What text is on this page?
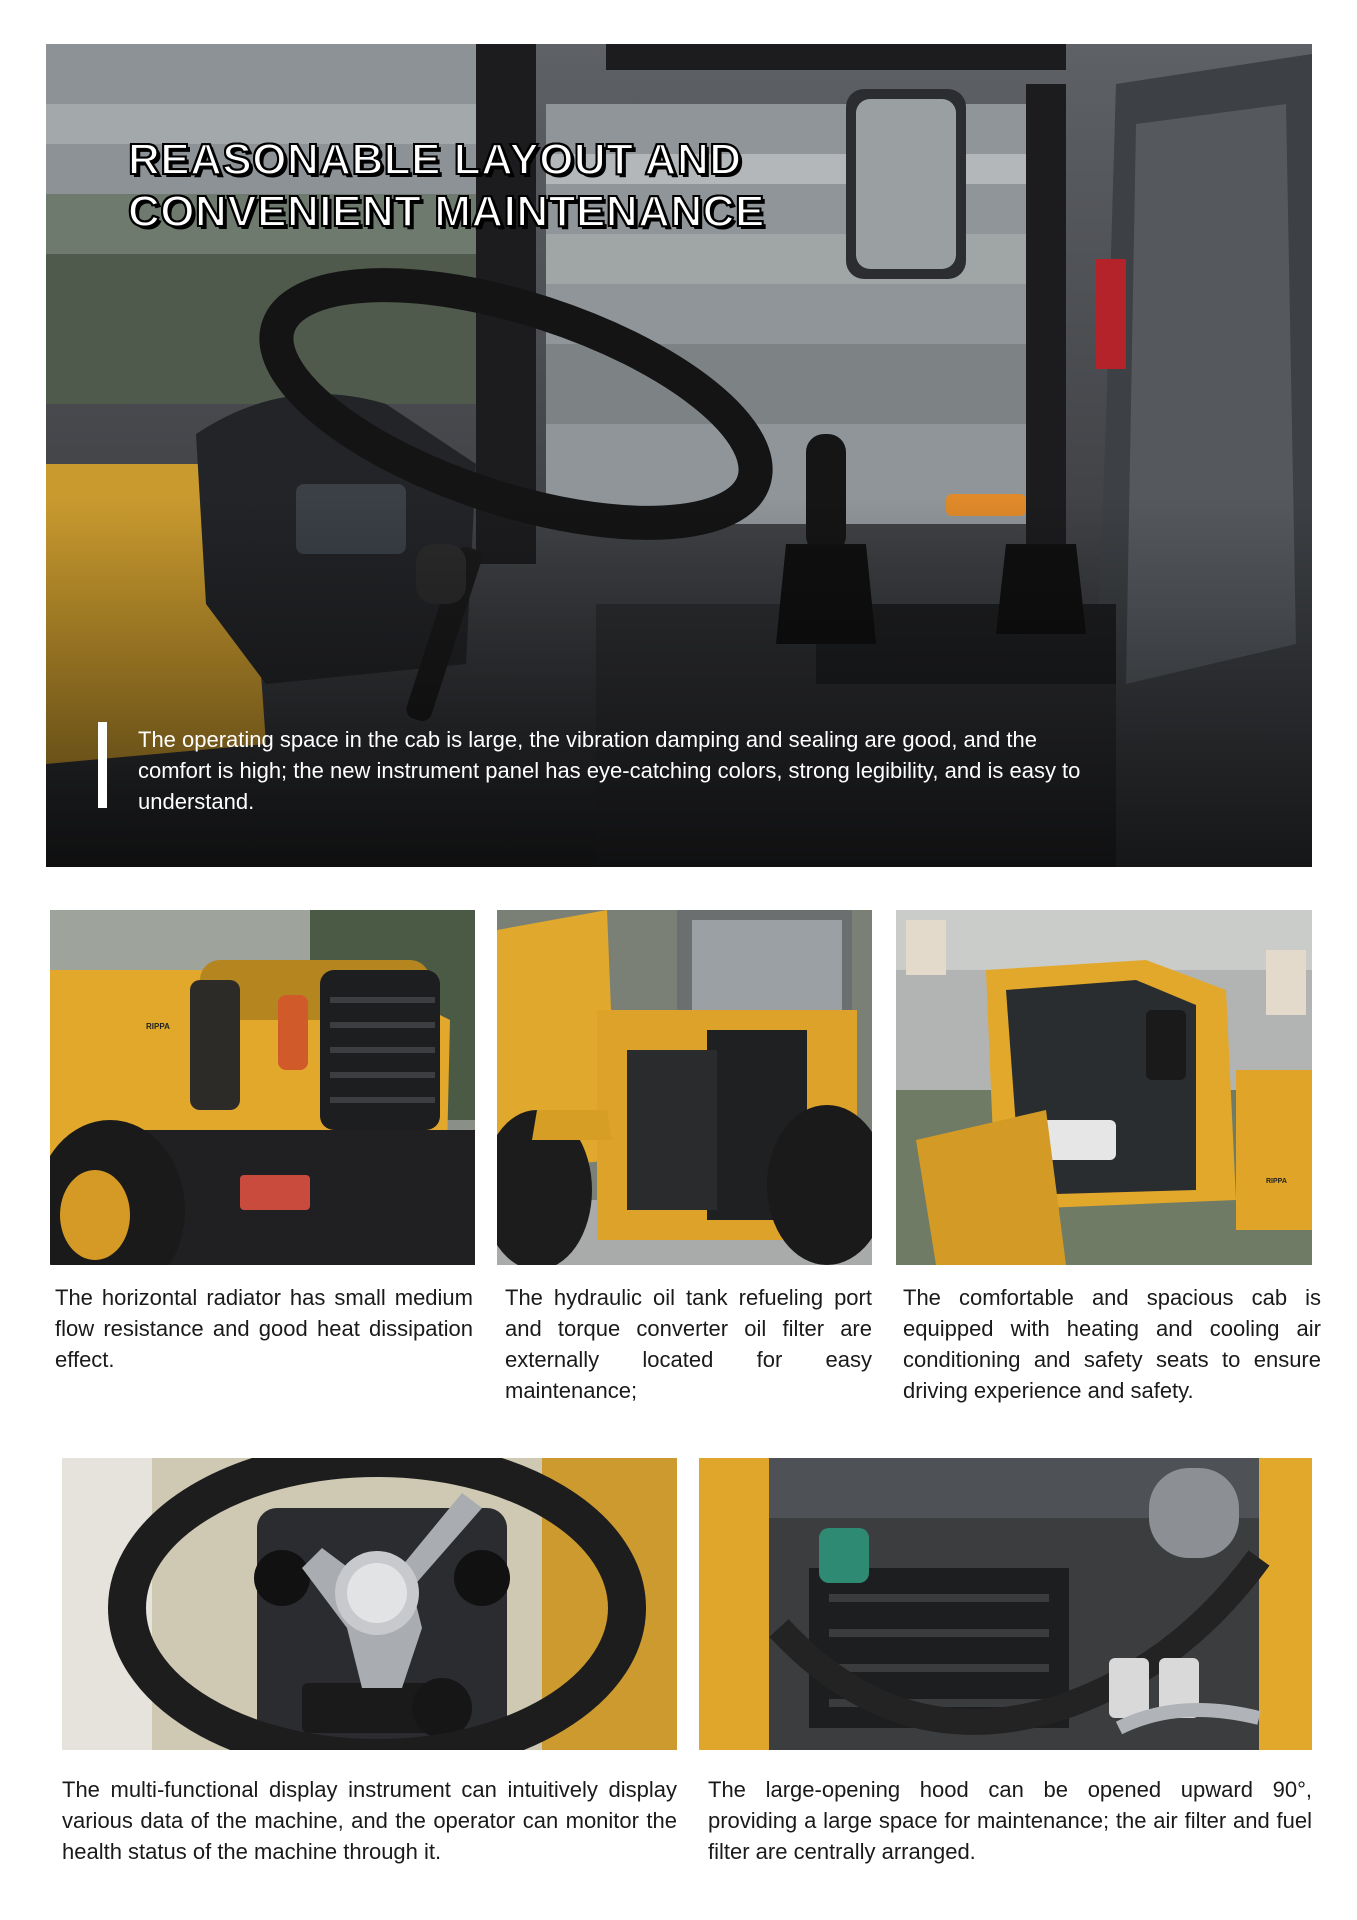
REASONABLE LAYOUT AND
CONVENIENT MAINTENANCE
The operating space in the cab is large, the vibration damping and sealing are good, and the comfort is high; the new instrument panel has eye-catching colors, strong legibility, and is easy to understand.
RIPPA
RIPPA
The horizontal radiator has small medium flow resistance and good heat dissipation effect.
The hydraulic oil tank refueling port and torque converter oil filter are externally located for easy maintenance;
The comfortable and spacious cab is equipped with heating and cooling air conditioning and safety seats to ensure driving experience and safety.
The multi-functional display instrument can intuitively display various data of the machine, and the operator can monitor the health status of the machine through it.
The large-opening hood can be opened upward 90°, providing a large space for maintenance; the air filter and fuel filter are centrally arranged.
